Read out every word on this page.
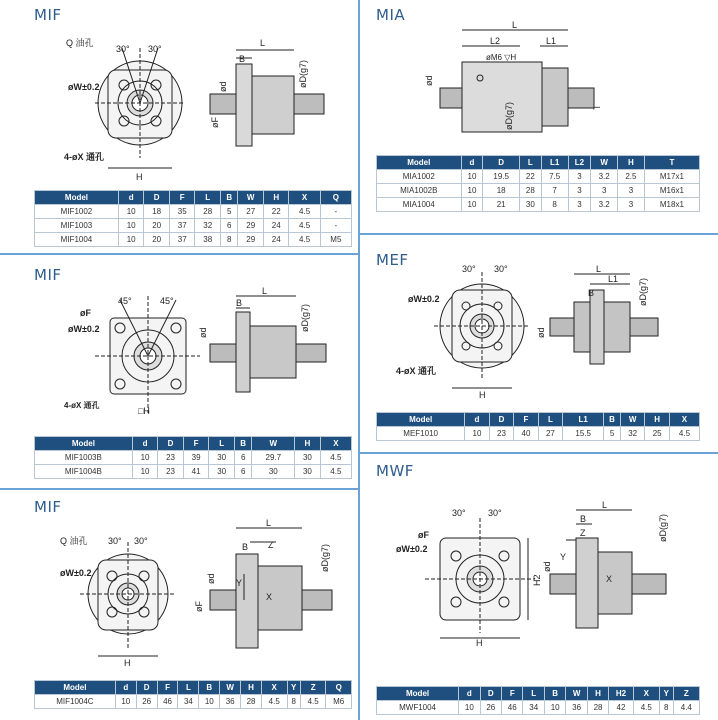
MIF
Q 油孔
30° 30°
øW±0.2
4-øX 通孔
H
L
B
ød
øF
øD(g7)
Model	d	D	F	L	B	W	H	X	Q
MIF1002	10	18	35	28	5	27	22	4.5	-
MIF1003	10	20	37	32	6	29	24	4.5	-
MIF1004	10	20	37	38	8	29	24	4.5	M5
MIA
L
L2	L1
øM6 ▽H
ød
øD(g7)	T
Model	d	D	L	L1	L2	W	H	T
MIA1002	10	19.5	22	7.5	3	3.2	2.5	M17x1
MIA1002B	10	18	28	7	3	3	3	M16x1
MIA1004	10	21	30	8	3	3.2	3	M18x1
MIF
45°	45°
øF
øW±0.2
4-øX 通孔
□H
L
B
ød
øD(g7)
Model	d	D	F	L	B	W	H	X
MIF1003B	10	23	39	30	6	29.7	30	4.5
MIF1004B	10	23	41	30	6	30	30	4.5
MEF	30° 30°
øW±0.2
4-øX 通孔
H
L
L1
B
ød
øD(g7)
Model	d	D	F	L	L1	B	W	H	X
MEF1010	10	23	40	27	15.5	5	32	25	4.5
MIF
Q 油孔 30° 30°
øW±0.2
H
L
Z
B
Y
X
ød
øF
øD(g7)
Model	d	D	F	L	B	W	H	X	Y	Z	Q
MIF1004C	10	26	46	34	10	36	28	4.5	8	4.5	M6
MWF
30° 30°
øF
øW±0.2
H
H2
L
B
Z
Y
X
ød
øD(g7)
Model	d	D	F	L	B	W	H	H2	X	Y	Z
MWF1004	10	26	46	34	10	36	28	42	4.5	8	4.4
